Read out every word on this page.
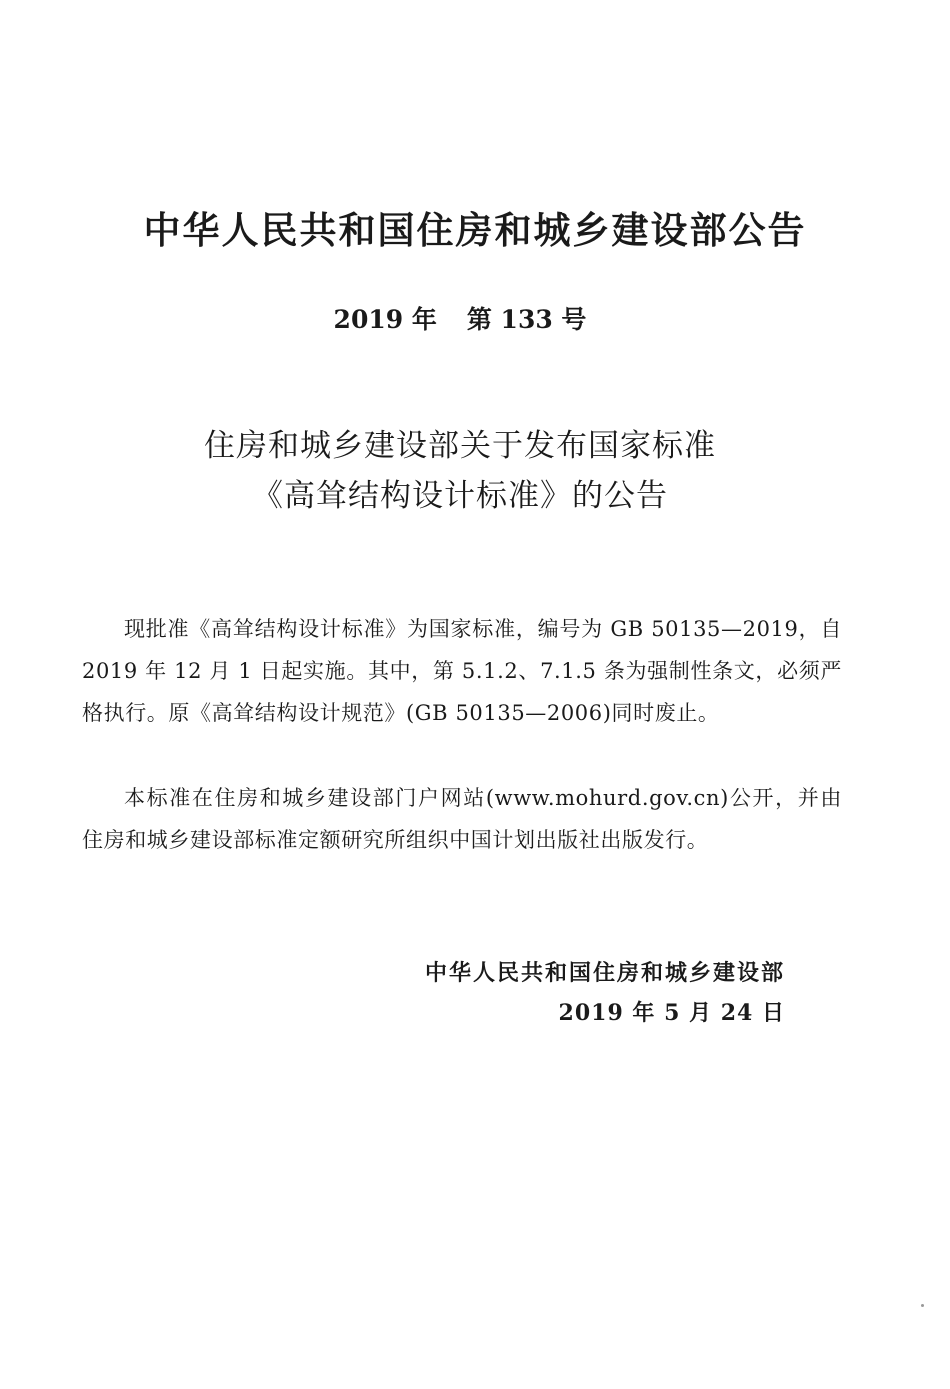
中华人民共和国住房和城乡建设部公告
2019 年 第 133 号
住房和城乡建设部关于发布国家标准
《高耸结构设计标准》的公告

现批准《高耸结构设计标准》为国家标准，编号为 GB 50135—2019，自 2019 年 12 月 1 日起实施。其中，第 5.1.2、7.1.5 条为强制性条文，必须严格执行。原《高耸结构设计规范》(GB 50135—2006)同时废止。

本标准在住房和城乡建设部门户网站(www.mohurd.gov.cn)公开，并由住房和城乡建设部标准定额研究所组织中国计划出版社出版发行。

中华人民共和国住房和城乡建设部
2019 年 5 月 24 日
